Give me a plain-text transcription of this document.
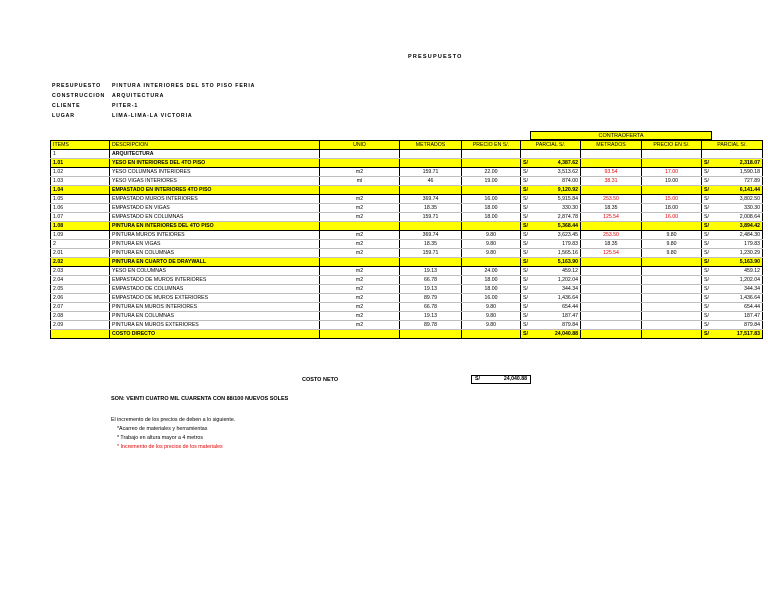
PRESUPUESTO
PRESUPUESTO PINTURA INTERIORES DEL 5TO PISO FERIA
CONSTRUCCION ARQUITECTURA
CLIENTE	PITER-1
LUGAR	LIMA-LIMA-LA VICTORIA
CONTRAOFERTA
ITEMS	DESCRIPCION	UNID	METRADOS	PRECIO EN S/.	PARCIAL S/.	METRADOS	PRECIO EN S/.	PARCIAL S/.
1	ARQUITECTURA				

1.01	YESO EN INTERIORES DEL 4TO PISO				S/ 4,387.62			S/ 2,318.07

1.02	YESO COLUMNAS INTERIORES	m2	159.71	22.00	S/ 3,513.62	93.54	17.00	S/ 1,590.18

1.03	YESO VIGAS INTERIORES	ml	46	19.00	S/ 874.00	38.31	19.00	S/ 727.89

1.04	EMPASTADO EN INTERIORES 4TO PISO				S/ 9,120.92			S/ 6,141.44

1.05	EMPASTADO MUROS INTERIORES	m2	369.74	16.00	S/ 5,915.84	253.50	15.00	S/ 3,802.50

1.06	EMPASTADO EN VIGAS	m2	18.35	18.00	S/ 330.30	18.35	18.00	S/ 330.30

1.07	EMPASTADO EN COLUMNAS	m2	159.71	18.00	S/ 2,874.78	125.54	16.00	S/ 2,008.64

1.08	PINTURA EN INTERIORES DEL 4TO PISO				S/ 5,368.44			S/ 3,894.42

1.09	PINTURA MUROS INTEIORES	m2	369.74	9.80	S/ 3,623.45	253.50	9.80	S/ 2,484.30

2	PINTURA EN VIGAS	m2	18.35	9.80	S/ 179.83	18.35	9.80	S/ 179.83

2.01	PINTURA EN COLUMNAS	m2	159.71	9.80	S/ 1,565.16	125.54	9.80	S/ 1,230.29

2.02	PINTURA EN CUARTO DE DRAYWALL				S/ 5,163.90			S/ 5,163.90

2.03	YESO EN COLUMNAS	m2	19.13	24.00	S/ 459.12			S/ 459.12

2.04	EMPASTADO DE MUROS INTERIORES	m2	66.78	18.00	S/ 1,202.04			S/ 1,202.04

2.05	EMPASTADO DE COLUMNAS	m2	19.13	18.00	S/ 344.34			S/ 344.34

2.06	EMPASTADO DE MUROS EXTERIORES	m2	89.79	16.00	S/ 1,436.64			S/ 1,436.64

2.07	PINTURA EN MUROS INTERIORES	m2	66.78	9.80	S/ 654.44			S/ 654.44

2.08	PINTURA EN COLUMNAS	m2	19.13	9.80	S/ 187.47			S/ 187.47

2.09	PINTURA EN MUROS EXTERIORES	m2	89.78	9.80	S/ 879.84			S/ 879.84

	COSTO DIRECTO				S/ 24,040.88			S/ 17,517.83
COSTO NETO	S/	24,040.88
SON: VEINTI CUATRO MIL CUARENTA CON 88/100 NUEVOS SOLES
El incremento de los precios de deben a lo siguiente.
*Acarreo de materiales y herramientas
* Trabajo en altura mayor a 4 metros
* Incremento de los precios de los materiales
